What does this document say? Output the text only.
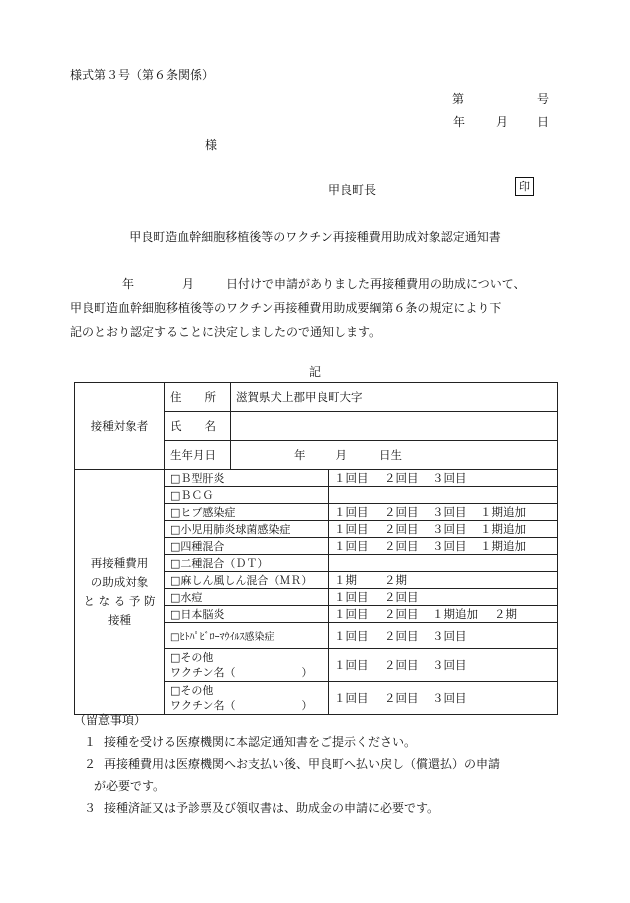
様式第３号（第６条関係）
第	号
年	月 日
様
甲良町長	印
甲良町造血幹細胞移植後等のワクチン再接種費用助成対象認定通知書
年	月	日付けで申請がありました再接種費用の助成について、
甲良町造血幹細胞移植後等のワクチン再接種費用助成要綱第６条の規定により下
記のとおり認定することに決定しましたので通知します。
記
接種対象者	住　　所	滋賀県犬上郡甲良町大字	
	氏　　名		
	生年月日	年 月 日生	

再接種費用
の助成対象
と な る 予 防
接種	□Ｂ型肝炎		１回目 ２回目 ３回目
	□ＢＣＧ		
	□ヒブ感染症		１回目 ２回目 ３回目 １期追加
	□小児用肺炎球菌感染症		１回目 ２回目 ３回目 １期追加
	□四種混合		１回目 ２回目 ３回目 １期追加
	□二種混合（ＤＴ）		
	□麻しん風しん混合（ＭＲ）		１期 ２期
	□水痘		１回目 ２回目
	□日本脳炎		１回目 ２回目 １期追加 ２期
	□ﾋﾄﾊﾟﾋﾞﾛｰﾏｳｲﾙｽ感染症		１回目 ２回目 ３回目

	□その他
ワクチン名（ ）		１回目 ２回目 ３回目

	□その他
ワクチン名（ ）		１回目 ２回目 ３回目
（留意事項）
１ 接種を受ける医療機関に本認定通知書をご提示ください。
２ 再接種費用は医療機関へお支払い後、甲良町へ払い戻し（償還払）の申請
が必要です。
３ 接種済証又は予診票及び領収書は、助成金の申請に必要です。
